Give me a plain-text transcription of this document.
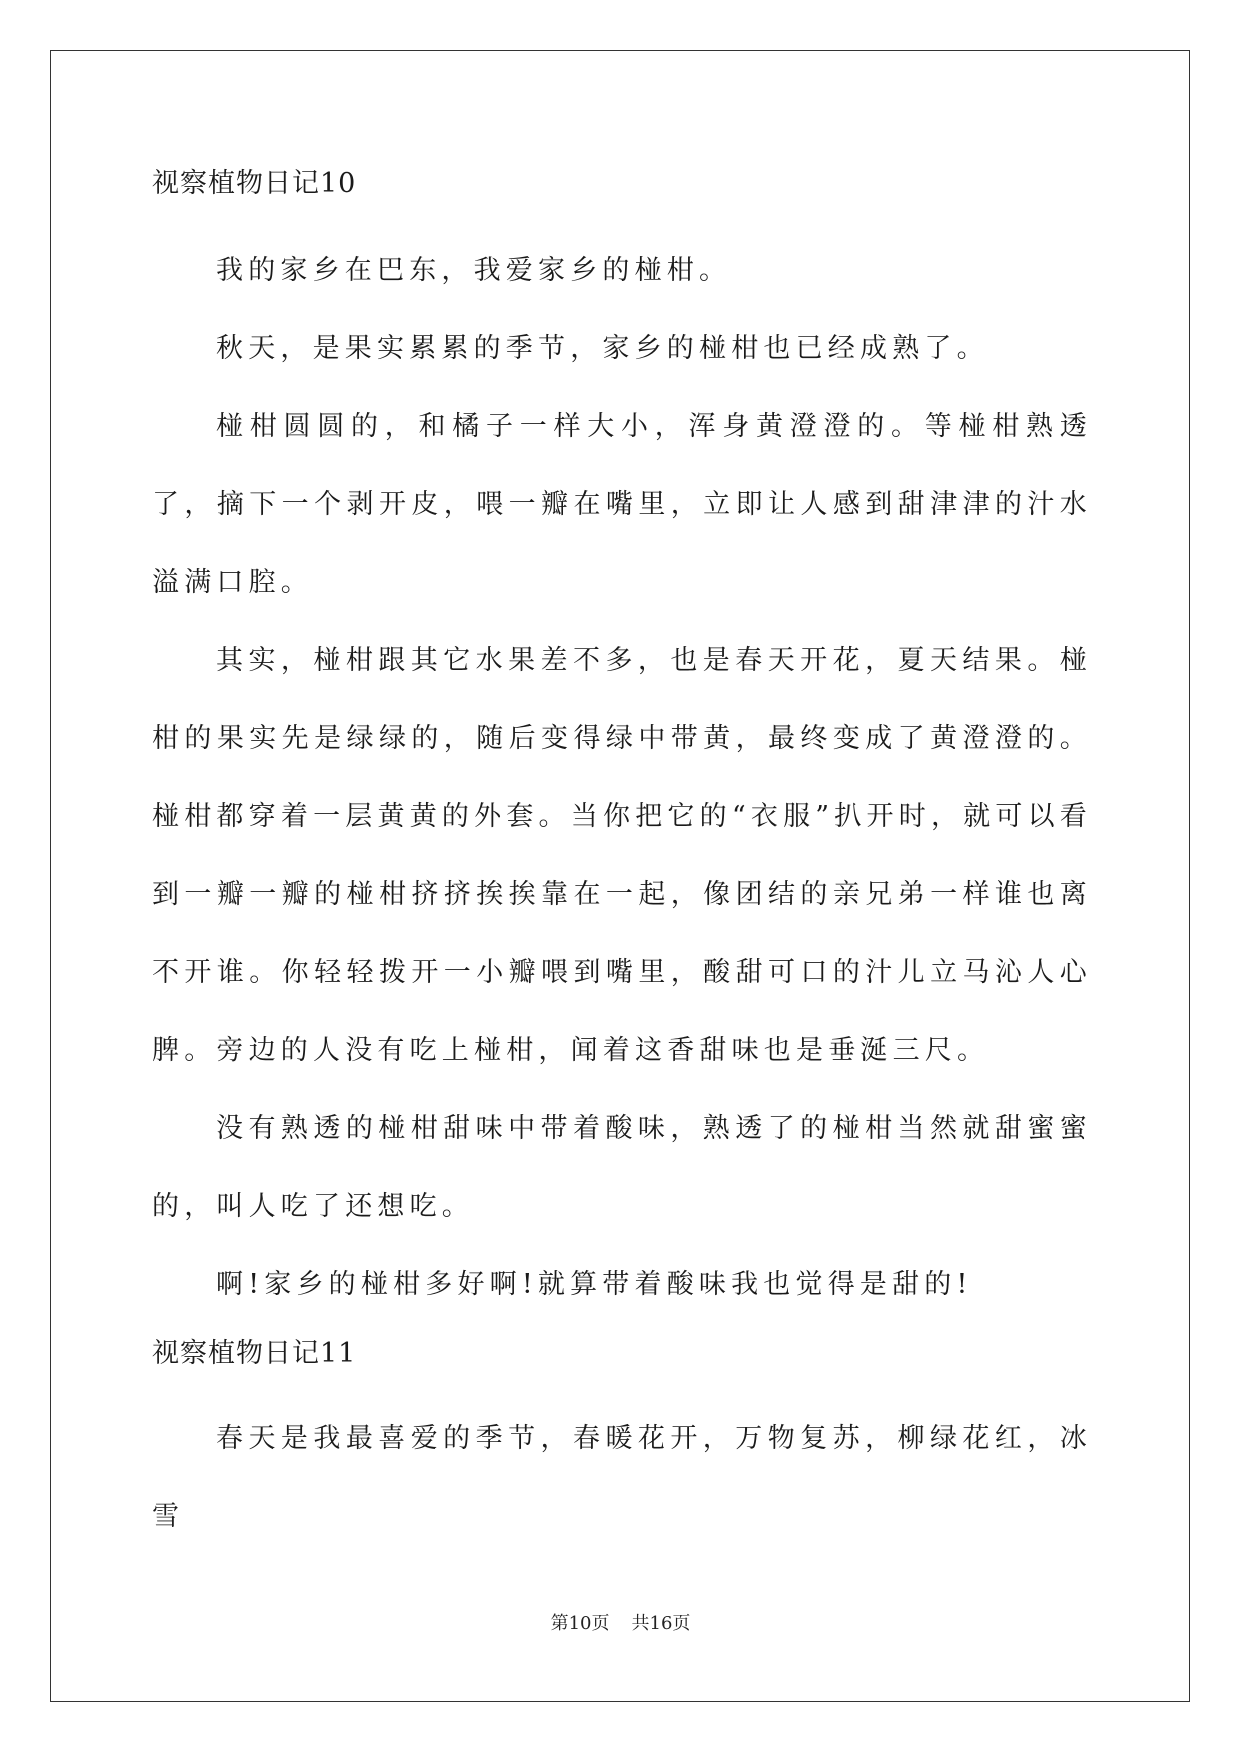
视察植物日记10

我的家乡在巴东，我爱家乡的椪柑。

秋天，是果实累累的季节，家乡的椪柑也已经成熟了。

椪柑圆圆的，和橘子一样大小，浑身黄澄澄的。等椪柑熟透了，摘下一个剥开皮，喂一瓣在嘴里，立即让人感到甜津津的汁水溢满口腔。

其实，椪柑跟其它水果差不多，也是春天开花，夏天结果。椪柑的果实先是绿绿的，随后变得绿中带黄，最终变成了黄澄澄的。椪柑都穿着一层黄黄的外套。当你把它的“衣服”扒开时，就可以看到一瓣一瓣的椪柑挤挤挨挨靠在一起，像团结的亲兄弟一样谁也离不开谁。你轻轻拨开一小瓣喂到嘴里，酸甜可口的汁儿立马沁人心脾。旁边的人没有吃上椪柑，闻着这香甜味也是垂涎三尺。

没有熟透的椪柑甜味中带着酸味，熟透了的椪柑当然就甜蜜蜜的，叫人吃了还想吃。

啊!家乡的椪柑多好啊!就算带着酸味我也觉得是甜的!

视察植物日记11

春天是我最喜爱的季节，春暖花开，万物复苏，柳绿花红，冰雪

第10页 共16页
